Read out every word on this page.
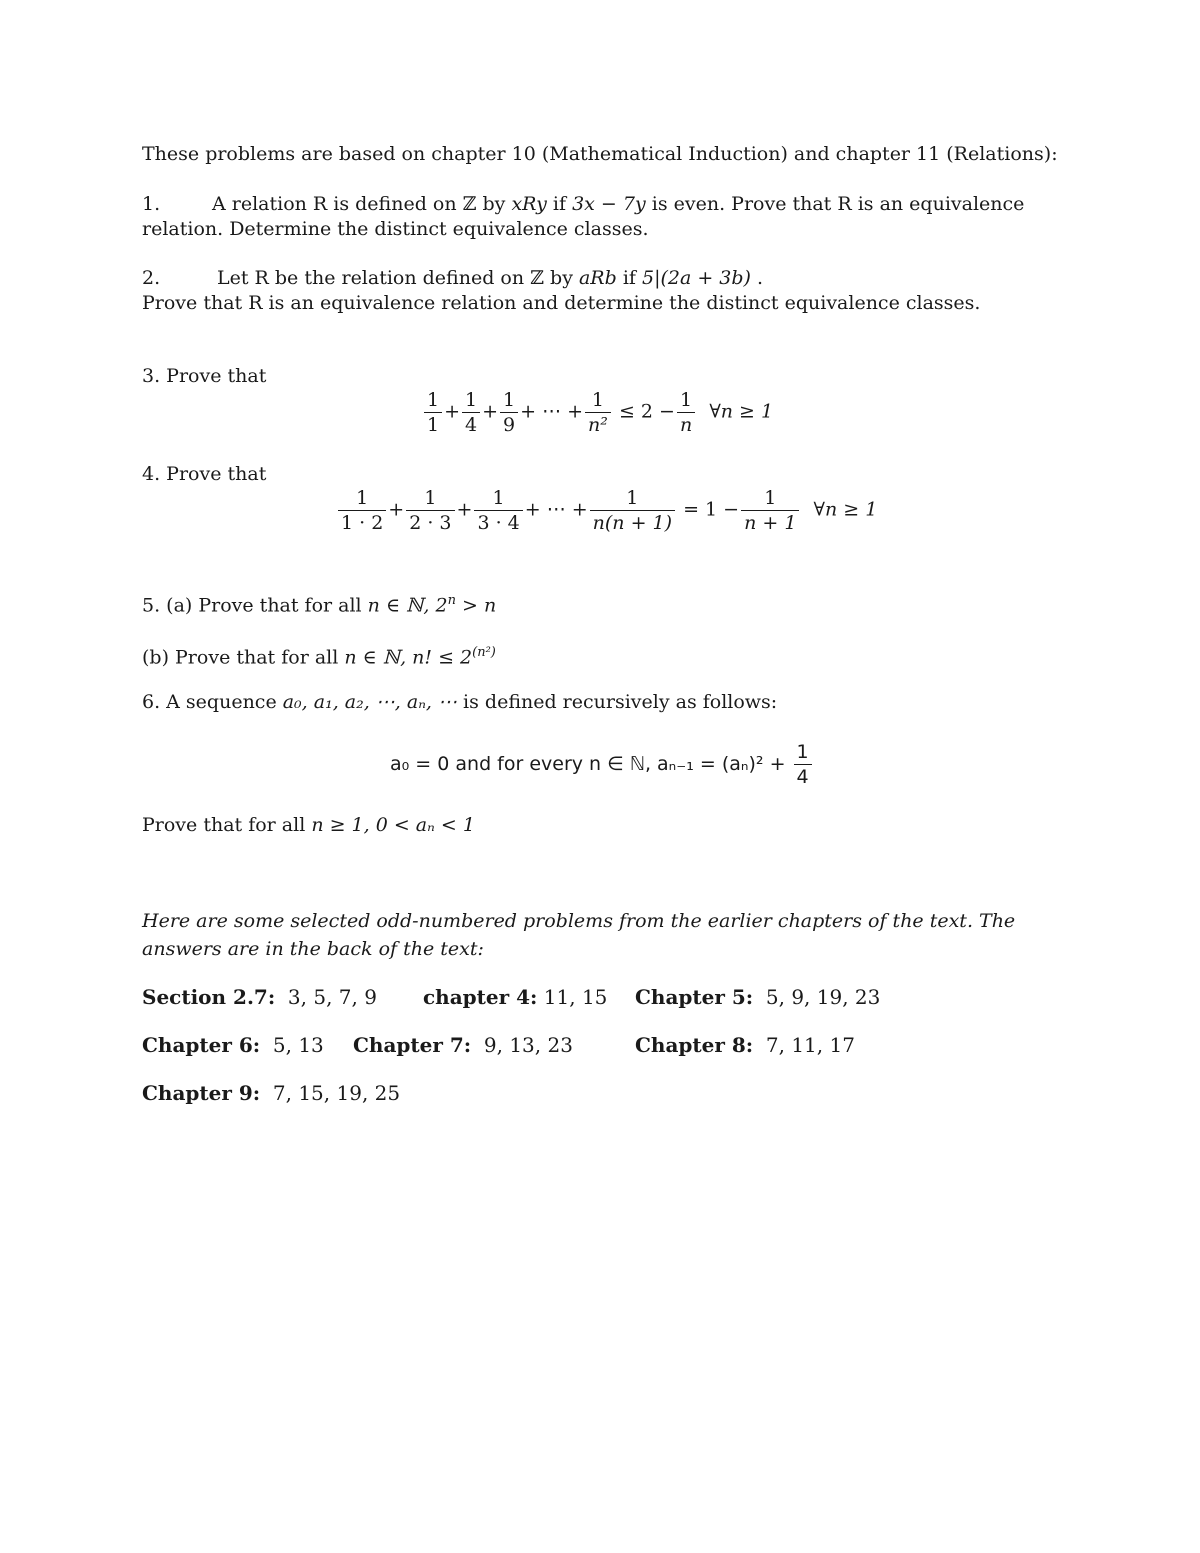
These problems are based on chapter 10 (Mathematical Induction) and chapter 11 (Relations):
1.	A relation R is defined on ℤ by xRy if 3x − 7y is even. Prove that R is an equivalence
relation. Determine the distinct equivalence classes.
2.	Let R be the relation defined on ℤ by aRb if 5|(2a + 3b) .
Prove that R is an equivalence relation and determine the distinct equivalence classes.
3. Prove that
$\frac{1}{1} + \frac{1}{4} + \frac{1}{9}$ + ⋯ + $\frac{1}{\text{n²}} \le 2 - \frac{1}{n}$ ∀n ≥ 1
4. Prove that
$\frac{1}{1 \cdot 2} + \frac{1}{2 \cdot 3} + \frac{1}{3 \cdot 4}$ + ⋯ + $\frac{1}{n(n + 1)} = 1 - \frac{1}{n + 1}$ ∀n ≥ 1
5. (a) Prove that for all n ∈ ℕ, $2^n > n$
(b) Prove that for all n ∈ ℕ, n! ≤ $2^{(n^2)}$
6. A sequence a₀, a₁, a₂, ⋯, aₙ, ⋯ is defined recursively as follows:
a₀ = 0 and for every n ∈ ℕ, $a_{n-1} = (a_n)^2 + \frac{1}{4}$
Prove that for all n ≥ 1, 0 < aₙ < 1
Here are some selected odd-numbered problems from the earlier chapters of the text. The
answers are in the back of the text:
Section 2.7: 3, 5, 7, 9 chapter 4: 11, 15 Chapter 5: 5, 9, 19, 23
Chapter 6: 5, 13 Chapter 7: 9, 13, 23	Chapter 8: 7, 11, 17
Chapter 9: 7, 15, 19, 25
